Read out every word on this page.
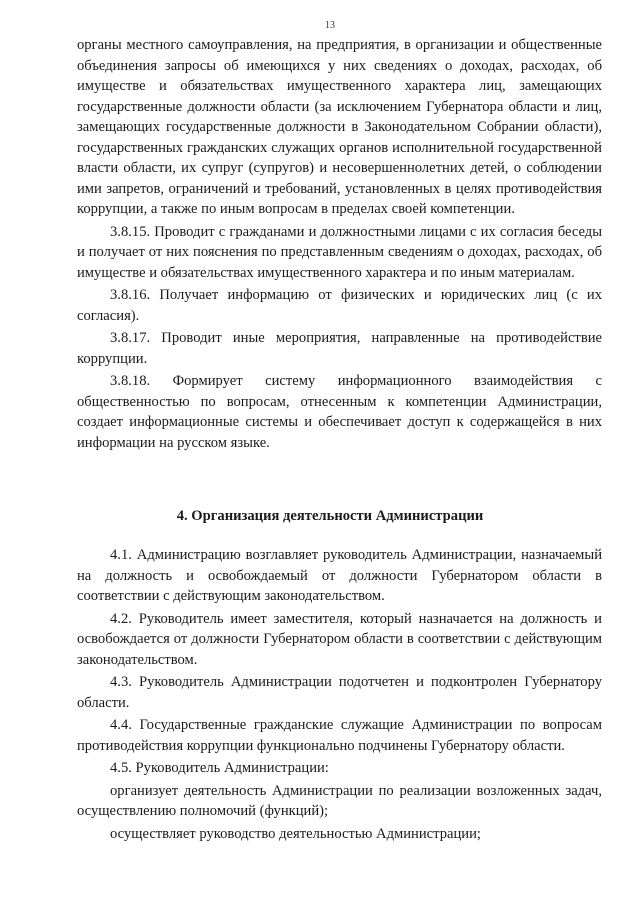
13

органы местного самоуправления, на предприятия, в организации и общественные объединения запросы об имеющихся у них сведениях о доходах, расходах, об имуществе и обязательствах имущественного характера лиц, замещающих государственные должности области (за исключением Губернатора области и лиц, замещающих государственные должности в Законодательном Собрании области), государственных гражданских служащих органов исполнительной государственной власти области, их супруг (супругов) и несовершеннолетних детей, о соблюдении ими запретов, ограничений и требований, установленных в целях противодействия коррупции, а также по иным вопросам в пределах своей компетенции.

3.8.15. Проводит с гражданами и должностными лицами с их согласия беседы и получает от них пояснения по представленным сведениям о доходах, расходах, об имуществе и обязательствах имущественного характера и по иным материалам.

3.8.16. Получает информацию от физических и юридических лиц (с их согласия).

3.8.17. Проводит иные мероприятия, направленные на противодействие коррупции.

3.8.18. Формирует систему информационного взаимодействия с общественностью по вопросам, отнесенным к компетенции Администрации, создает информационные системы и обеспечивает доступ к содержащейся в них информации на русском языке.

4. Организация деятельности Администрации

4.1. Администрацию возглавляет руководитель Администрации, назначаемый на должность и освобождаемый от должности Губернатором области в соответствии с действующим законодательством.

4.2. Руководитель имеет заместителя, который назначается на должность и освобождается от должности Губернатором области в соответствии с действующим законодательством.

4.3. Руководитель Администрации подотчетен и подконтролен Губернатору области.

4.4. Государственные гражданские служащие Администрации по вопросам противодействия коррупции функционально подчинены Губернатору области.

4.5. Руководитель Администрации:

организует деятельность Администрации по реализации возложенных задач, осуществлению полномочий (функций);

осуществляет руководство деятельностью Администрации;
